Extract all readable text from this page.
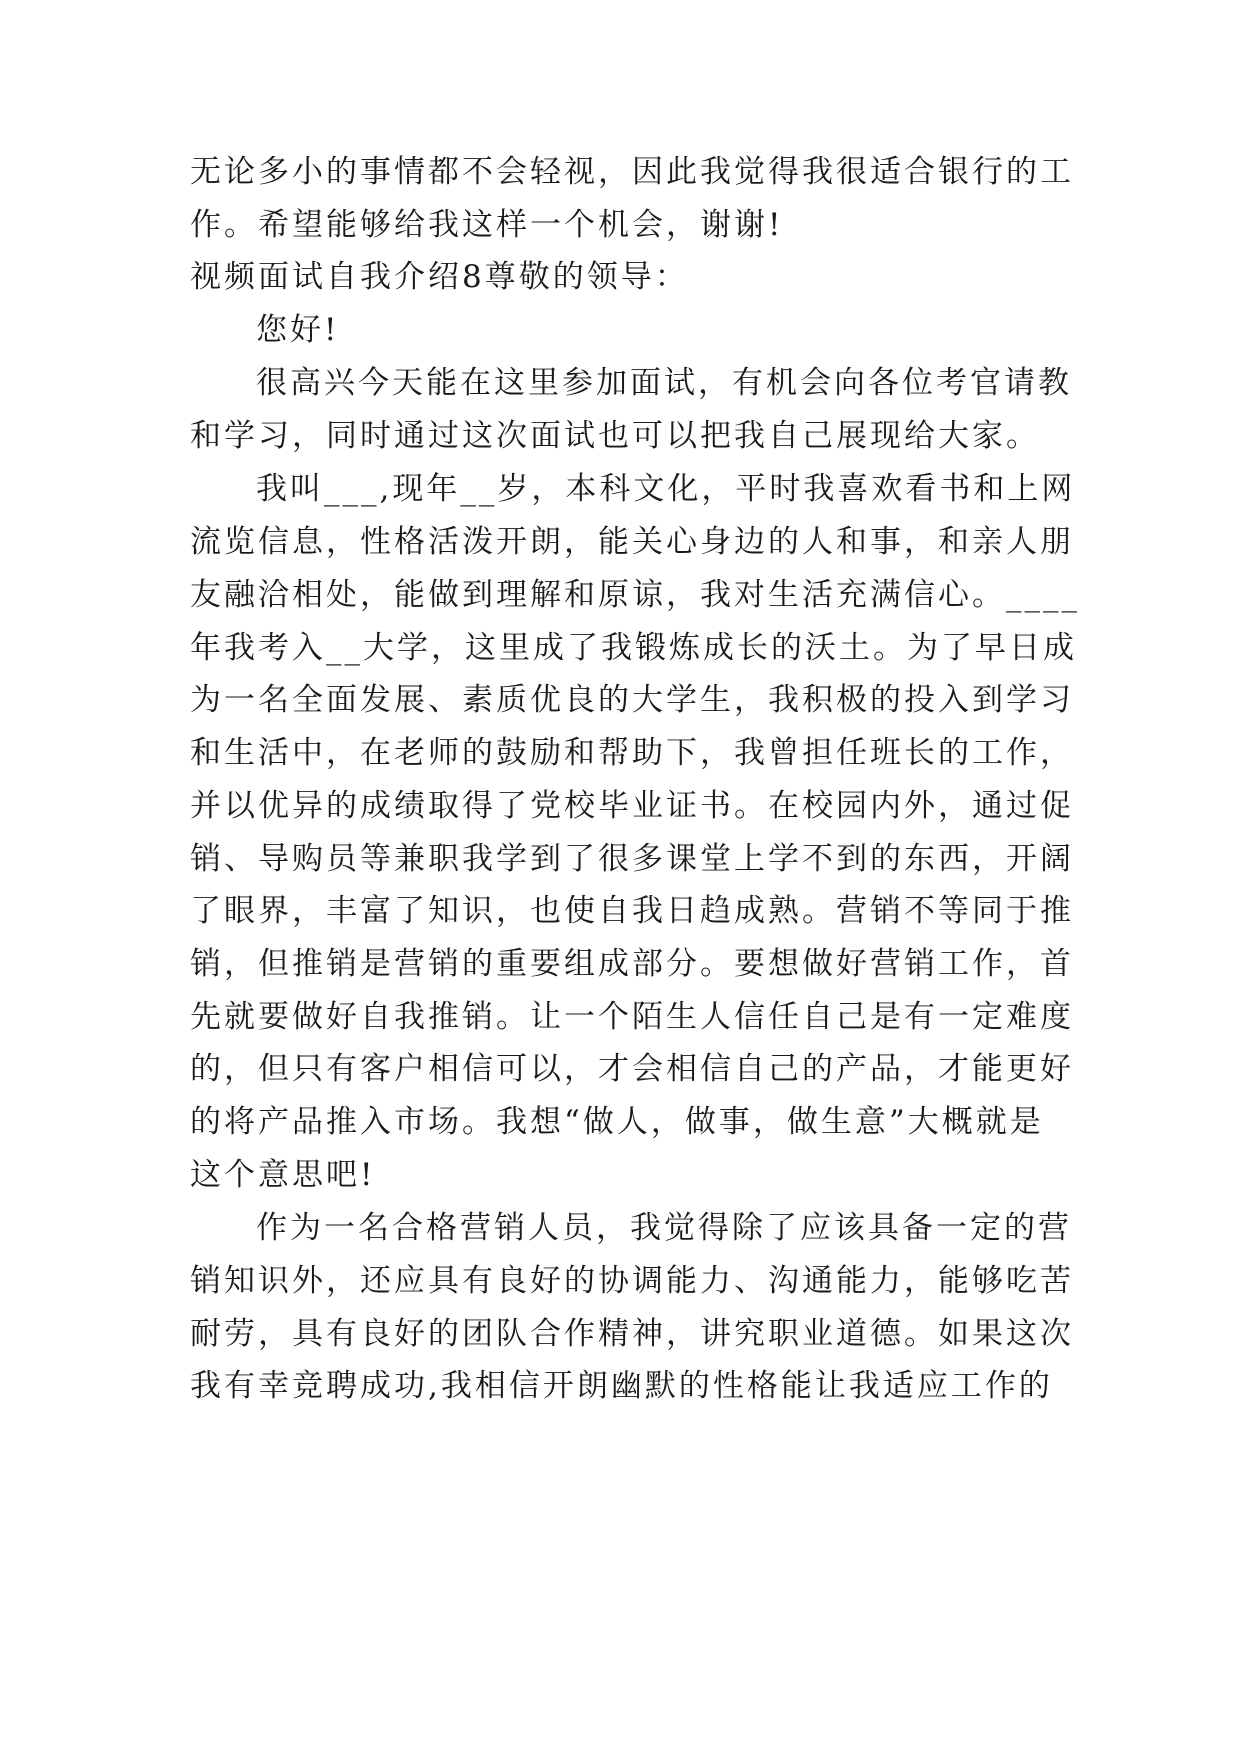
无论多小的事情都不会轻视，因此我觉得我很适合银行的工
作。希望能够给我这样一个机会，谢谢!
视频面试自我介绍8尊敬的领导：
您好!
很高兴今天能在这里参加面试，有机会向各位考官请教
和学习，同时通过这次面试也可以把我自己展现给大家。
我叫___,现年__岁，本科文化，平时我喜欢看书和上网
流览信息，性格活泼开朗，能关心身边的人和事，和亲人朋
友融洽相处，能做到理解和原谅，我对生活充满信心。____
年我考入__大学，这里成了我锻炼成长的沃土。为了早日成
为一名全面发展、素质优良的大学生，我积极的投入到学习
和生活中，在老师的鼓励和帮助下，我曾担任班长的工作，
并以优异的成绩取得了党校毕业证书。在校园内外，通过促
销、导购员等兼职我学到了很多课堂上学不到的东西，开阔
了眼界，丰富了知识，也使自我日趋成熟。营销不等同于推
销，但推销是营销的重要组成部分。要想做好营销工作，首
先就要做好自我推销。让一个陌生人信任自己是有一定难度
的，但只有客户相信可以，才会相信自己的产品，才能更好
的将产品推入市场。我想“做人，做事，做生意”大概就是
这个意思吧!
作为一名合格营销人员，我觉得除了应该具备一定的营
销知识外，还应具有良好的协调能力、沟通能力，能够吃苦
耐劳，具有良好的团队合作精神，讲究职业道德。如果这次
我有幸竞聘成功,我相信开朗幽默的性格能让我适应工作的
